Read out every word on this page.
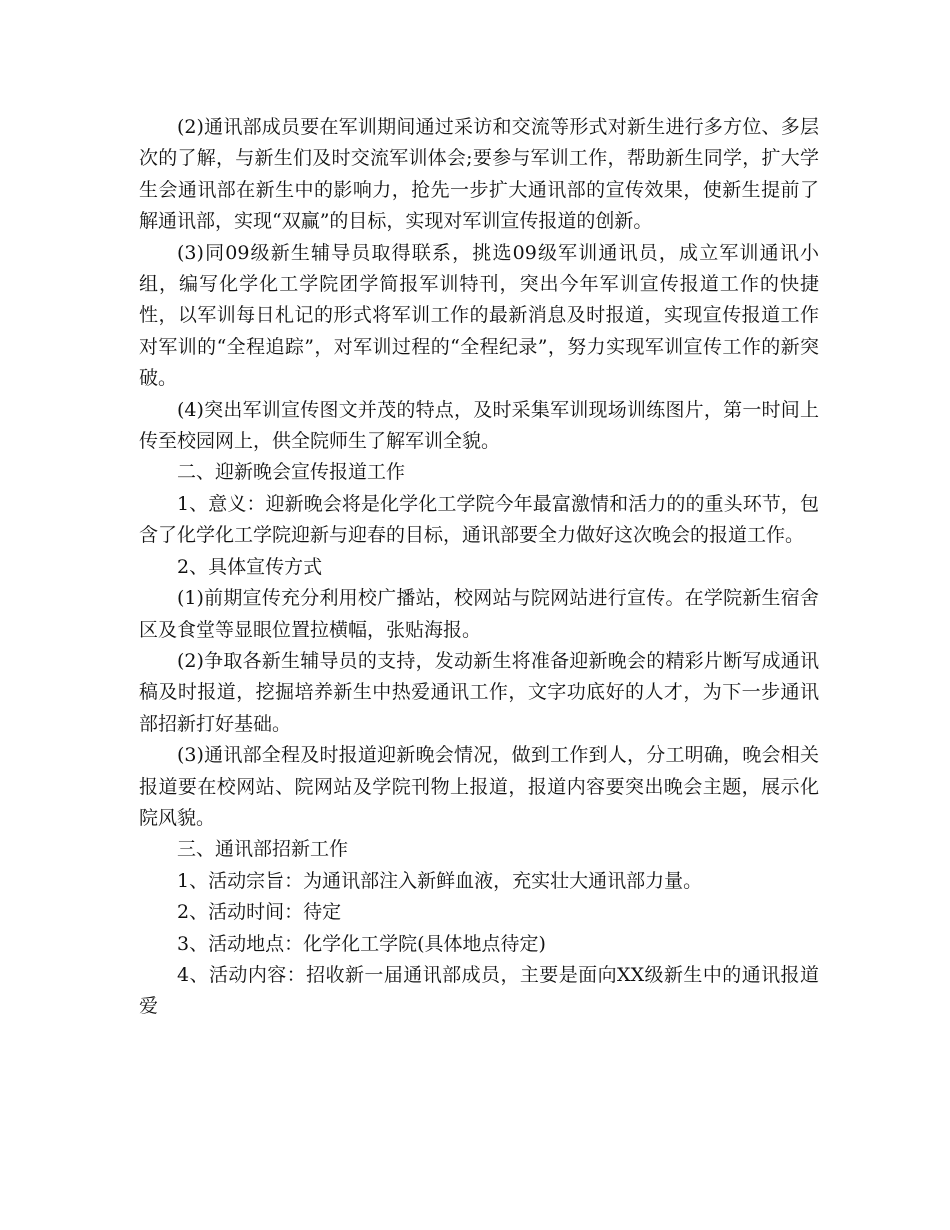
(2)通讯部成员要在军训期间通过采访和交流等形式对新生进行多方位、多层次的了解，与新生们及时交流军训体会;要参与军训工作，帮助新生同学，扩大学生会通讯部在新生中的影响力，抢先一步扩大通讯部的宣传效果，使新生提前了解通讯部，实现“双赢”的目标，实现对军训宣传报道的创新。

(3)同09级新生辅导员取得联系，挑选09级军训通讯员，成立军训通讯小组，编写化学化工学院团学简报军训特刊，突出今年军训宣传报道工作的快捷性，以军训每日札记的形式将军训工作的最新消息及时报道，实现宣传报道工作对军训的“全程追踪”，对军训过程的“全程纪录”，努力实现军训宣传工作的新突破。

(4)突出军训宣传图文并茂的特点，及时采集军训现场训练图片，第一时间上传至校园网上，供全院师生了解军训全貌。

二、迎新晚会宣传报道工作

1、意义：迎新晚会将是化学化工学院今年最富激情和活力的的重头环节，包含了化学化工学院迎新与迎春的目标，通讯部要全力做好这次晚会的报道工作。

2、具体宣传方式

(1)前期宣传充分利用校广播站，校网站与院网站进行宣传。在学院新生宿舍区及食堂等显眼位置拉横幅，张贴海报。

(2)争取各新生辅导员的支持，发动新生将准备迎新晚会的精彩片断写成通讯稿及时报道，挖掘培养新生中热爱通讯工作，文字功底好的人才，为下一步通讯部招新打好基础。

(3)通讯部全程及时报道迎新晚会情况，做到工作到人，分工明确，晚会相关报道要在校网站、院网站及学院刊物上报道，报道内容要突出晚会主题，展示化院风貌。

三、通讯部招新工作

1、活动宗旨：为通讯部注入新鲜血液，充实壮大通讯部力量。

2、活动时间：待定

3、活动地点：化学化工学院(具体地点待定)

4、活动内容：招收新一届通讯部成员，主要是面向XX级新生中的通讯报道爱
